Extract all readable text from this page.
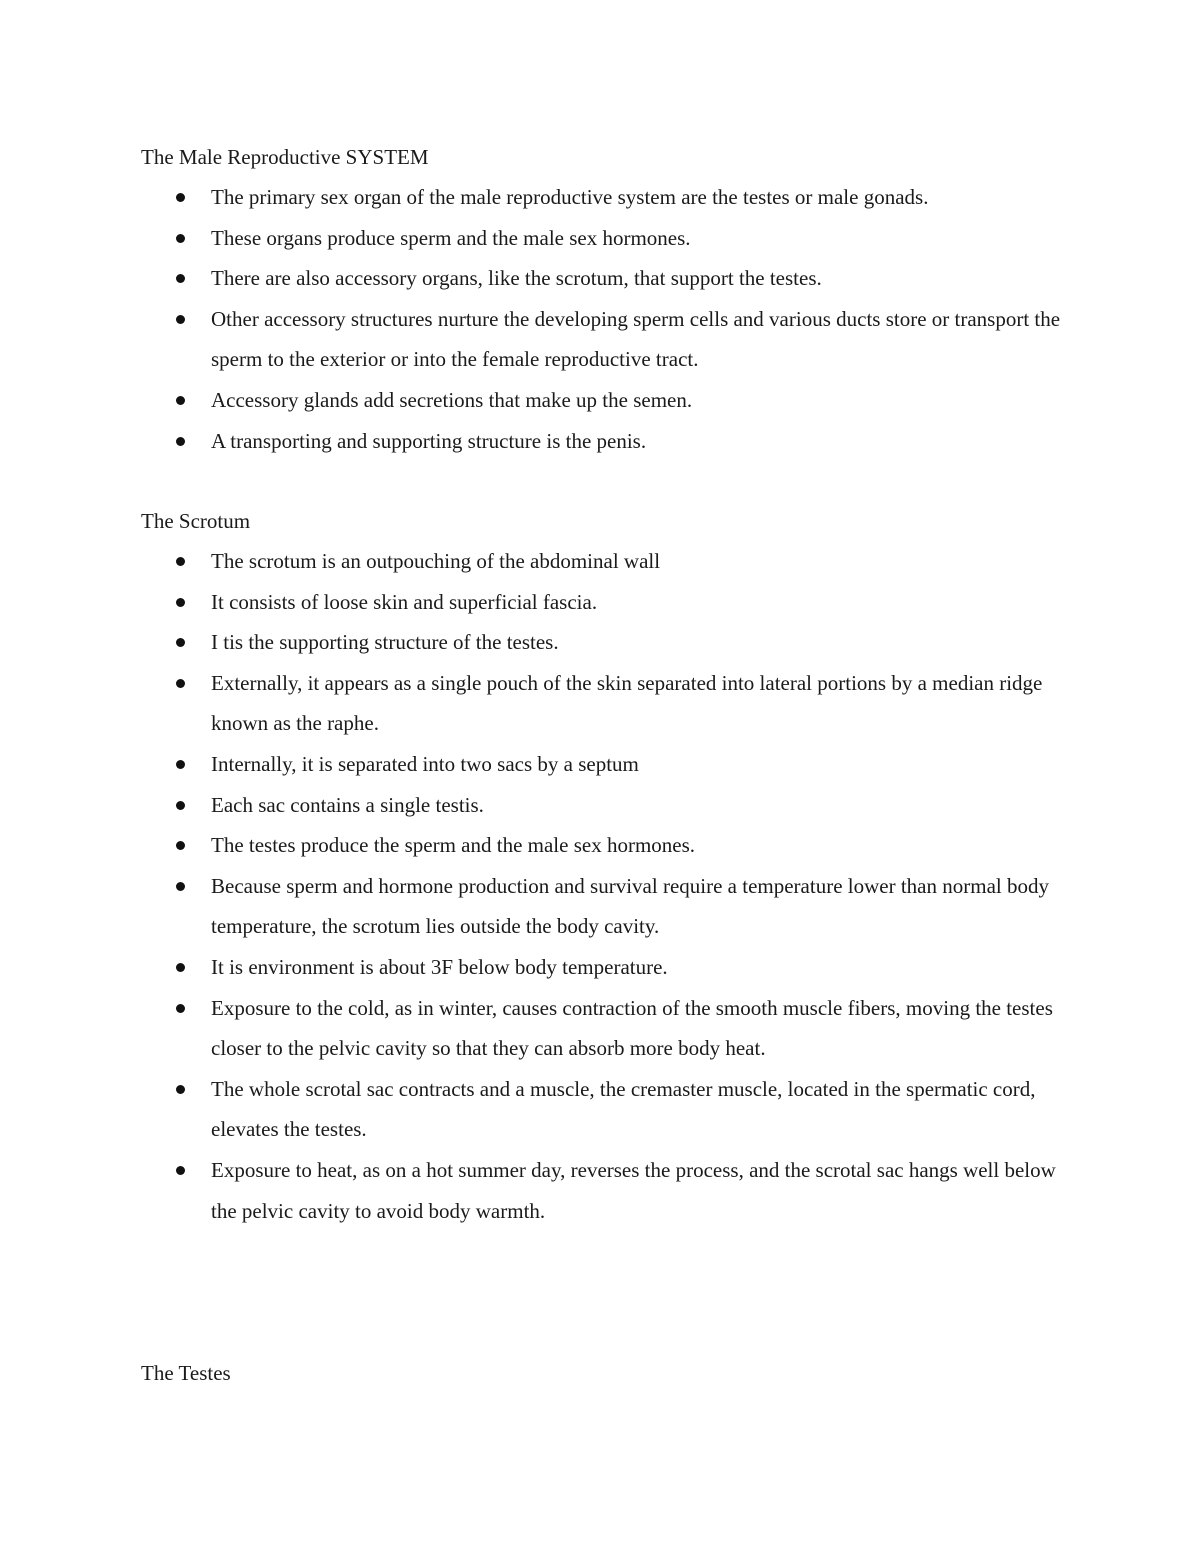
The Male Reproductive SYSTEM

The primary sex organ of the male reproductive system are the testes or male gonads.
These organs produce sperm and the male sex hormones.
There are also accessory organs, like the scrotum, that support the testes.
Other accessory structures nurture the developing sperm cells and various ducts store or transport the sperm to the exterior or into the female reproductive tract.
Accessory glands add secretions that make up the semen.
A transporting and supporting structure is the penis.

The Scrotum

The scrotum is an outpouching of the abdominal wall
It consists of loose skin and superficial fascia.
I tis the supporting structure of the testes.
Externally, it appears as a single pouch of the skin separated into lateral portions by a median ridge known as the raphe.
Internally, it is separated into two sacs by a septum
Each sac contains a single testis.
The testes produce the sperm and the male sex hormones.
Because sperm and hormone production and survival require a temperature lower than normal body temperature, the scrotum lies outside the body cavity.
It is environment is about 3F below body temperature.
Exposure to the cold, as in winter, causes contraction of the smooth muscle fibers, moving the testes closer to the pelvic cavity so that they can absorb more body heat.
The whole scrotal sac contracts and a muscle, the cremaster muscle, located in the spermatic cord, elevates the testes.
Exposure to heat, as on a hot summer day, reverses the process, and the scrotal sac hangs well below the pelvic cavity to avoid body warmth.

The Testes
